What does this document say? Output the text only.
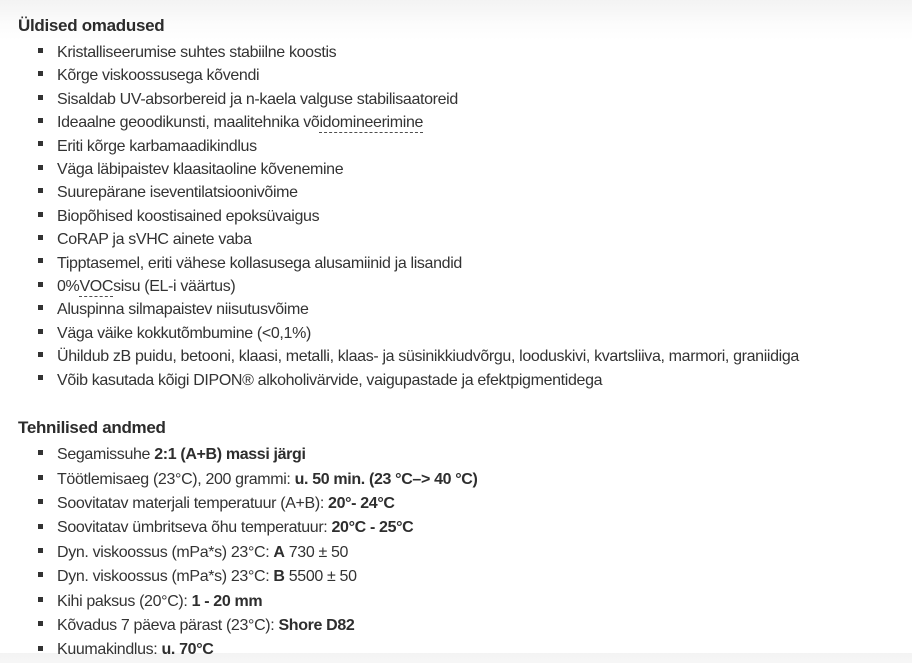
Üldised omadused
Kristalliseerumise suhtes stabiilne koostis
Kõrge viskoossusega kõvendi
Sisaldab UV-absorbereid ja n-kaela valguse stabilisaatoreid
Ideaalne geoodikunsti, maalitehnika võidomineerimine
Eriti kõrge karbamaadikindlus
Väga läbipaistev klaasitaoline kõvenemine
Suurepärane iseventilatsioonivõime
Biopõhised koostisained epoksüvaigus
CoRAP ja sVHC ainete vaba
Tipptasemel, eriti vähese kollasusega alusamiinid ja lisandid
0%VOCsisu (EL-i väärtus)
Aluspinna silmapaistev niisutusvõime
Väga väike kokkutõmbumine (<0,1%)
Ühildub zB puidu, betooni, klaasi, metalli, klaas- ja süsinikkiudvõrgu, looduskivi, kvartsliiva, marmori, graniidiga
Võib kasutada kõigi DIPON® alkoholivärvide, vaigupastade ja efektpigmentidega
Tehnilised andmed
Segamissuhe 2:1 (A+B) massi järgi
Töötlemisaeg (23°C), 200 grammi: u. 50 min. (23 °C–> 40 °C)
Soovitatav materjali temperatuur (A+B): 20°- 24°C
Soovitatav ümbritseva õhu temperatuur: 20°C - 25°C
Dyn. viskoossus (mPa*s) 23°C: A 730 ± 50
Dyn. viskoossus (mPa*s) 23°C: B 5500 ± 50
Kihi paksus (20°C): 1 - 20 mm
Kõvadus 7 päeva pärast (23°C): Shore D82
Kuumakindlus: u. 70°C
